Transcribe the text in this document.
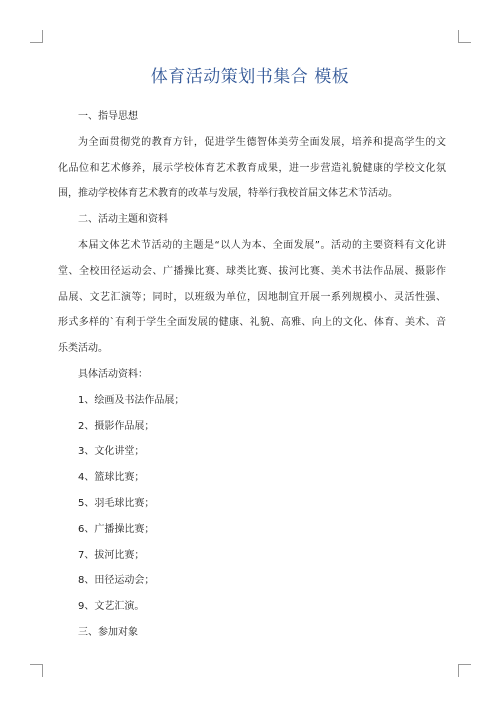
体育活动策划书集合 模板
一、指导思想
为全面贯彻党的教育方针，促进学生德智体美劳全面发展，培养和提高学生的文
化品位和艺术修养，展示学校体育艺术教育成果，进一步营造礼貌健康的学校文化氛
围，推动学校体育艺术教育的改革与发展，特举行我校首届文体艺术节活动。
二、活动主题和资料
本届文体艺术节活动的主题是“以人为本、全面发展”。活动的主要资料有文化讲
堂、全校田径运动会、广播操比赛、球类比赛、拔河比赛、美术书法作品展、摄影作
品展、文艺汇演等；同时，以班级为单位，因地制宜开展一系列规模小、灵活性强、
形式多样的`有利于学生全面发展的健康、礼貌、高雅、向上的文化、体育、美术、音
乐类活动。
具体活动资料：
1、绘画及书法作品展；
2、摄影作品展；
3、文化讲堂；
4、篮球比赛；
5、羽毛球比赛；
6、广播操比赛；
7、拔河比赛；
8、田径运动会；
9、文艺汇演。
三、参加对象
